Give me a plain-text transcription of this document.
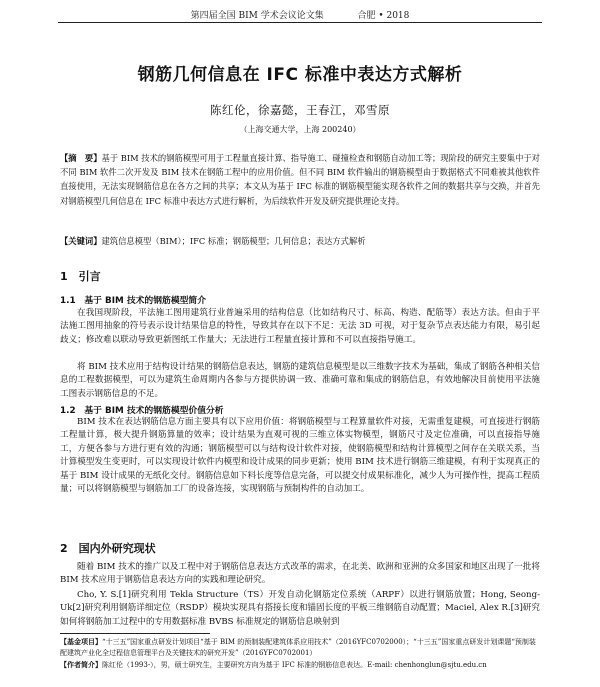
第四届全国 BIM 学术会议论文集	合肥 • 2018
钢筋几何信息在 IFC 标准中表达方式解析
陈红伦，徐嘉懿，王春江，邓雪原
（上海交通大学，上海 200240）
【摘　要】基于 BIM 技术的钢筋模型可用于工程量直接计算、指导施工、碰撞检查和钢筋自动加工等；现阶段的研究主要集中于对不同 BIM 软件二次开发及 BIM 技术在钢筋工程中的应用价值。但不同 BIM 软件输出的钢筋模型由于数据格式不同难被其他软件直接使用，无法实现钢筋信息在各方之间的共享；本文从为基于 IFC 标准的钢筋模型能实现各软件之间的数据共享与交换，并首先对钢筋模型几何信息在 IFC 标准中表达方式进行解析，为后续软件开发及研究提供理论支持。
【关键词】建筑信息模型（BIM）；IFC 标准；钢筋模型；几何信息；表达方式解析
1　引言
1.1　基于 BIM 技术的钢筋模型简介
在我国现阶段，平法施工图用建筑行业普遍采用的结构信息（比如结构尺寸、标高、构造、配筋等）表达方法。但由于平法施工图用抽象的符号表示设计结果信息的特性，导致其存在以下不足：无法 3D 可视，对于复杂节点表达能力有限，易引起歧义；修改难以联动导致更新图纸工作量大；无法进行工程量直接计算和不可以直接指导施工。
将 BIM 技术应用于结构设计结果的钢筋信息表达，钢筋的建筑信息模型是以三维数字技术为基础，集成了钢筋各种相关信息的工程数据模型，可以为建筑生命周期内各参与方提供协调一致、准确可靠和集成的钢筋信息，有效地解决目前使用平法施工图表示钢筋信息的不足。
1.2　基于 BIM 技术的钢筋模型价值分析
BIM 技术在表达钢筋信息方面主要具有以下应用价值：将钢筋模型与工程算量软件对接，无需重复建模，可直接进行钢筋工程量计算，极大提升钢筋算量的效率；设计结果为直观可视的三维立体实物模型，钢筋尺寸及定位准确，可以直接指导施工，方便各参与方进行更有效的沟通；钢筋模型可以与结构设计软件对接，使钢筋模型和结构计算模型之间存在关联关系，当计算模型发生变更时，可以实现设计软件内模型和设计成果的同步更新；使用 BIM 技术进行钢筋三维建模，有利于实现真正的基于 BIM 设计成果的无纸化交付。钢筋信息如下料长度等信息完备，可以提交付成果标准化，减少人为可操作性，提高工程质量；可以将钢筋模型与钢筋加工厂的设备连接，实现钢筋与预制构件的自动加工。
2　国内外研究现状
随着 BIM 技术的推广以及工程中对于钢筋信息表达方式改革的需求，在北美、欧洲和亚洲的众多国家和地区出现了一批将 BIM 技术应用于钢筋信息表达方向的实践和理论研究。
Cho, Y. S.[1]研究利用 Tekla Structure（TS）开发自动化钢筋定位系统（ARPF）以进行钢筋放置；Hong, Seong-Uk[2]研究利用钢筋详细定位（RSDP）模块实现具有搭接长度和锚固长度的平板三维钢筋自动配置；Maciel, Alex R.[3]研究如何将钢筋加工过程中的专用数据标准 BVBS 标准规定的钢筋信息映射到
【基金项目】“十三五”国家重点研发计划项目“基于 BIM 的预制装配建筑体系应用技术”（2016YFC0702000）；“十三五”国家重点研发计划课题“预制装配建筑产业化全过程信息管理平台及关键技术的研究开发”（2016YFC0702001）
【作者简介】陈红伦（1993-），男，硕士研究生，主要研究方向为基于 IFC 标准的钢筋信息表达。E-mail: chenhonglun@sjtu.edu.cn
